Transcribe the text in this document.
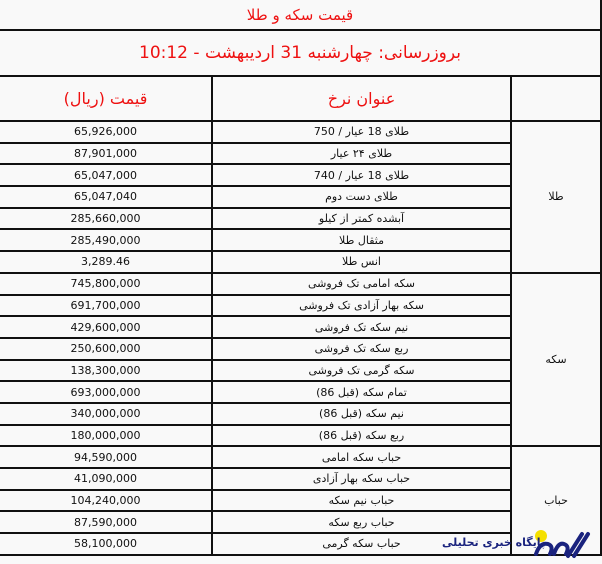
قیمت سکه و طلا
بروزرسانی: چهارشنبه 31 اردیبهشت - 10:12
	عنوان نرخ	قیمت (ریال)
طلا	طلای 18 عیار / 750	65,926,000
	طلای ۲۴ عیار	87,901,000
	طلای 18 عیار / 740	65,047,000
	طلای دست دوم	65,047,040
	آبشده کمتر از کیلو	285,660,000
	مثقال طلا	285,490,000
	انس طلا	3,289.46
سکه	سکه امامی تک فروشی	745,800,000
	سکه بهار آزادی تک فروشی	691,700,000
	نیم سکه تک فروشی	429,600,000
	ربع سکه تک فروشی	250,600,000
	سکه گرمی تک فروشی	138,300,000
	تمام سکه (قبل 86)	693,000,000
	نیم سکه (قبل 86)	340,000,000
	ربع سکه (قبل 86)	180,000,000
حباب	حباب سکه امامی	94,590,000
	حباب سکه بهار آزادی	41,090,000
	حباب نیم سکه	104,240,000
	حباب ربع سکه	87,590,000
	حباب سکه گرمی	58,100,000	پایگاه خبری تحلیلی
